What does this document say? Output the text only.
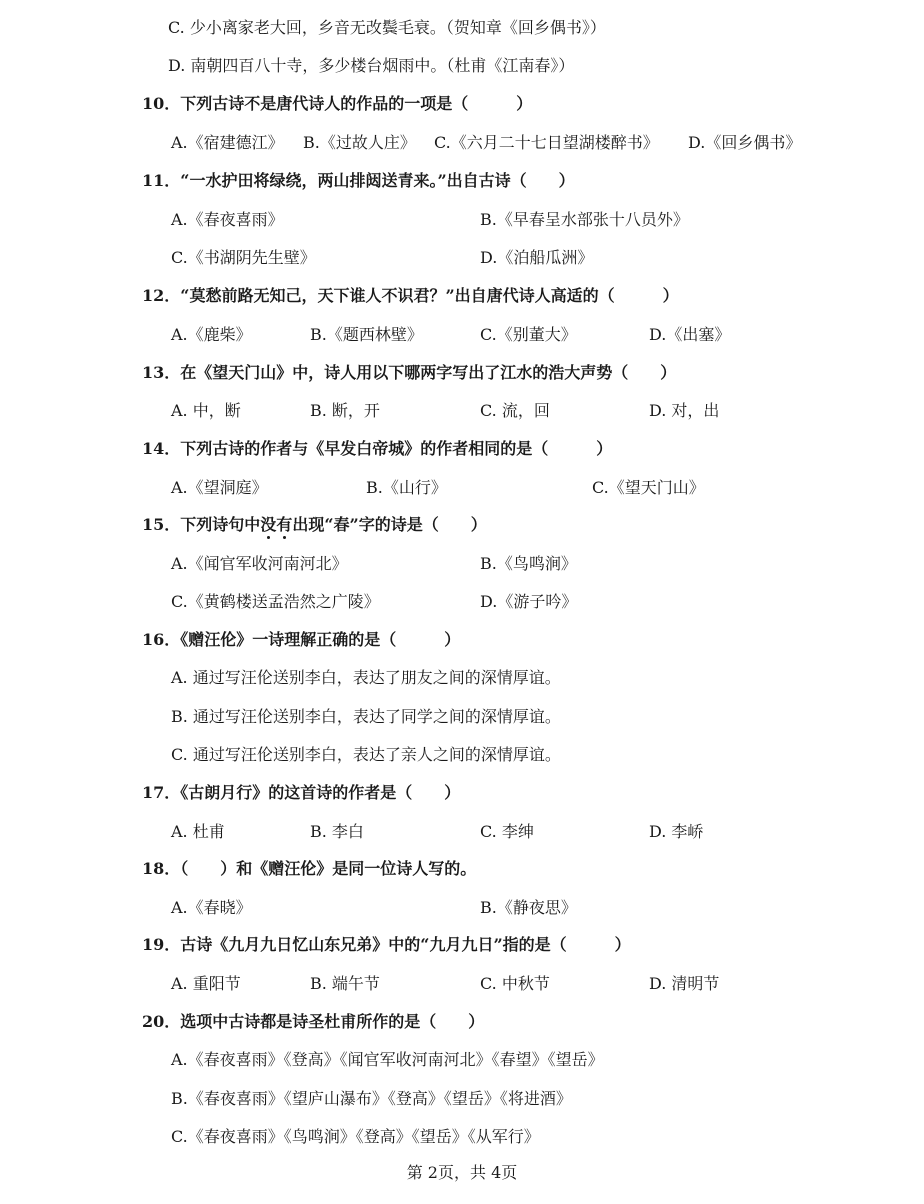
C. 少小离家老大回，乡音无改鬓毛衰。（贺知章《回乡偶书》）
D. 南朝四百八十寺，多少楼台烟雨中。（杜甫《江南春》）
10．下列古诗不是唐代诗人的作品的一项是（　　　）
A.《宿建德江》 B.《过故人庄》 C.《六月二十七日望湖楼醉书》 D.《回乡偶书》
11．“一水护田将绿绕，两山排闼送青来。”出自古诗（　　）
A.《春夜喜雨》	B.《早春呈水部张十八员外》
C.《书湖阴先生壁》	D.《泊船瓜洲》
12．“莫愁前路无知己，天下谁人不识君？”出自唐代诗人高适的（　　　）
A.《鹿柴》	B.《题西林壁》	C.《别董大》	D.《出塞》
13．在《望天门山》中，诗人用以下哪两字写出了江水的浩大声势（　　）
A. 中，断	B. 断，开	C. 流，回	D. 对，出
14．下列古诗的作者与《早发白帝城》的作者相同的是（　　　）
A.《望洞庭》	B.《山行》	C.《望天门山》
15．下列诗句中没有出现“春”字的诗是（　　）
A.《闻官军收河南河北》	B.《鸟鸣涧》
C.《黄鹤楼送孟浩然之广陵》	D.《游子吟》
16．《赠汪伦》一诗理解正确的是（　　　）
A. 通过写汪伦送别李白，表达了朋友之间的深情厚谊。
B. 通过写汪伦送别李白，表达了同学之间的深情厚谊。
C. 通过写汪伦送别李白，表达了亲人之间的深情厚谊。
17．《古朗月行》的这首诗的作者是（　　）
A. 杜甫	B. 李白	C. 李绅	D. 李峤
18．（　　）和《赠汪伦》是同一位诗人写的。
A.《春晓》	B.《静夜思》
19．古诗《九月九日忆山东兄弟》中的“九月九日”指的是（　　　）
A. 重阳节	B. 端午节	C. 中秋节	D. 清明节
20．选项中古诗都是诗圣杜甫所作的是（　　）
A.《春夜喜雨》《登高》《闻官军收河南河北》《春望》《望岳》
B.《春夜喜雨》《望庐山瀑布》《登高》《望岳》《将进酒》
C.《春夜喜雨》《鸟鸣涧》《登高》《望岳》《从军行》
第 2页，共 4页
